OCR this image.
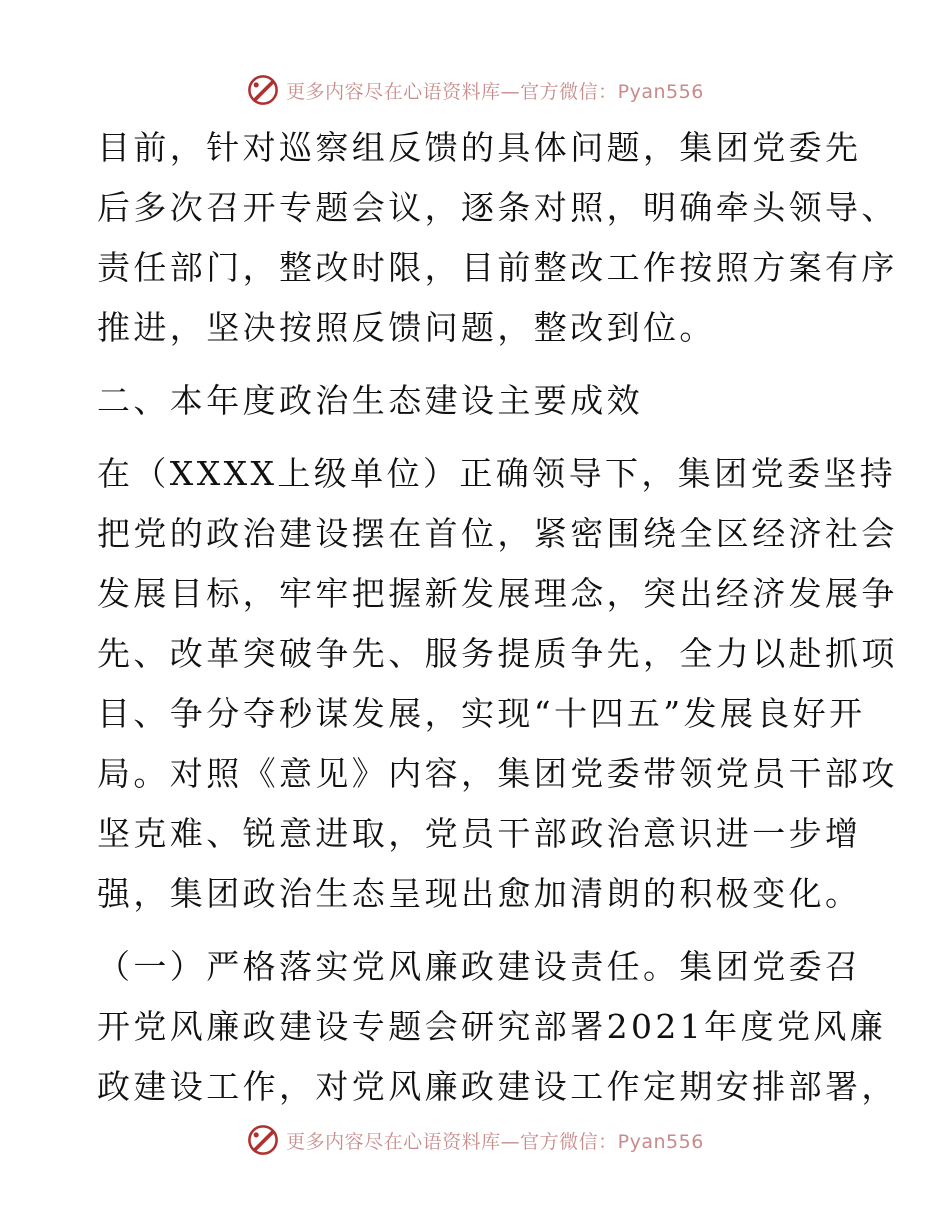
更多内容尽在心语资料库—官方微信：Pyan556
目前，针对巡察组反馈的具体问题，集团党委先
后多次召开专题会议，逐条对照，明确牵头领导、
责任部门，整改时限，目前整改工作按照方案有序
推进，坚决按照反馈问题，整改到位。
二、本年度政治生态建设主要成效
在（XXXX上级单位）正确领导下，集团党委坚持
把党的政治建设摆在首位，紧密围绕全区经济社会
发展目标，牢牢把握新发展理念，突出经济发展争
先、改革突破争先、服务提质争先，全力以赴抓项
目、争分夺秒谋发展，实现“十四五”发展良好开
局。对照《意见》内容，集团党委带领党员干部攻
坚克难、锐意进取，党员干部政治意识进一步增
强，集团政治生态呈现出愈加清朗的积极变化。
（一）严格落实党风廉政建设责任。集团党委召
开党风廉政建设专题会研究部署2021年度党风廉
政建设工作，对党风廉政建设工作定期安排部署，
更多内容尽在心语资料库—官方微信：Pyan556
